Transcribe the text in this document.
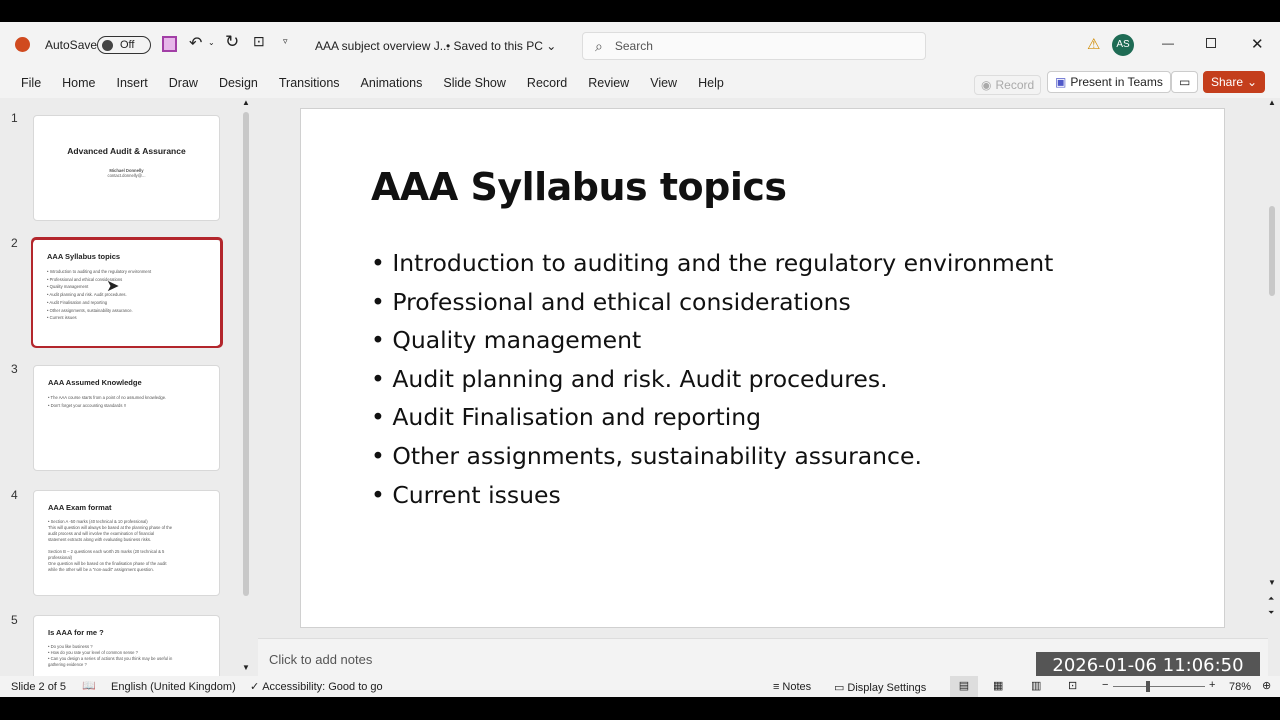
AutoSave Off	↶ ⌄ ↻ ⊡ ▿ AAA subject overview J...
• Saved to this PC ⌄	⌕ Search	⚠	AS	—	✕
File Home Insert Draw Design Transitions Animations Slide Show Record Review View Help	◉ Record ▣ Present in Teams	▭	Share ⌄
1
Advanced Audit & Assurance

Michael Donnelly

contact.donnelly@...

2
AAA Syllabus topics

• Introduction to auditing and the regulatory environment

• Professional and ethical considerations

• Quality management

• Audit planning and risk. Audit procedures.

• Audit Finalisation and reporting

• Other assignments, sustainability assurance.

• Current issues

➤
3
AAA Assumed Knowledge

• The AAA course starts from a point of no assumed knowledge.

• Don't forget your accounting standards !!

4
AAA Exam format

• Section A -50 marks (40 technical & 10 professional)

This will question will always be based at the planning phase of the

audit process and will involve the examination of financial

statement extracts along with evaluating business risks.

Section B – 2 questions each worth 25 marks (20 technical & 5

professional)

One question will be based on the finalisation phase of the audit

while the other will be a "non-audit" assignment question.

5
Is AAA for me ?

• Do you like business ?

• How do you rate your level of common sense ?

• Can you design a series of actions that you think may be useful in

gathering evidence ?

▲
▼
AAA Syllabus topics
• Introduction to auditing and the regulatory environment
• Professional and ethical considerations
• Quality management
• Audit planning and risk. Audit procedures.
• Audit Finalisation and reporting
• Other assignments, sustainability assurance.
• Current issues
▲
▼
⏶
⏷
Click to add notes	2026-01-06 11:06:50
Slide 2 of 5 📖 English (United Kingdom) ✓ Accessibility: Good to go	≡ Notes ▭ Display Settings	▤	▦	▥ ⊡ −	+ 78% ⊕
